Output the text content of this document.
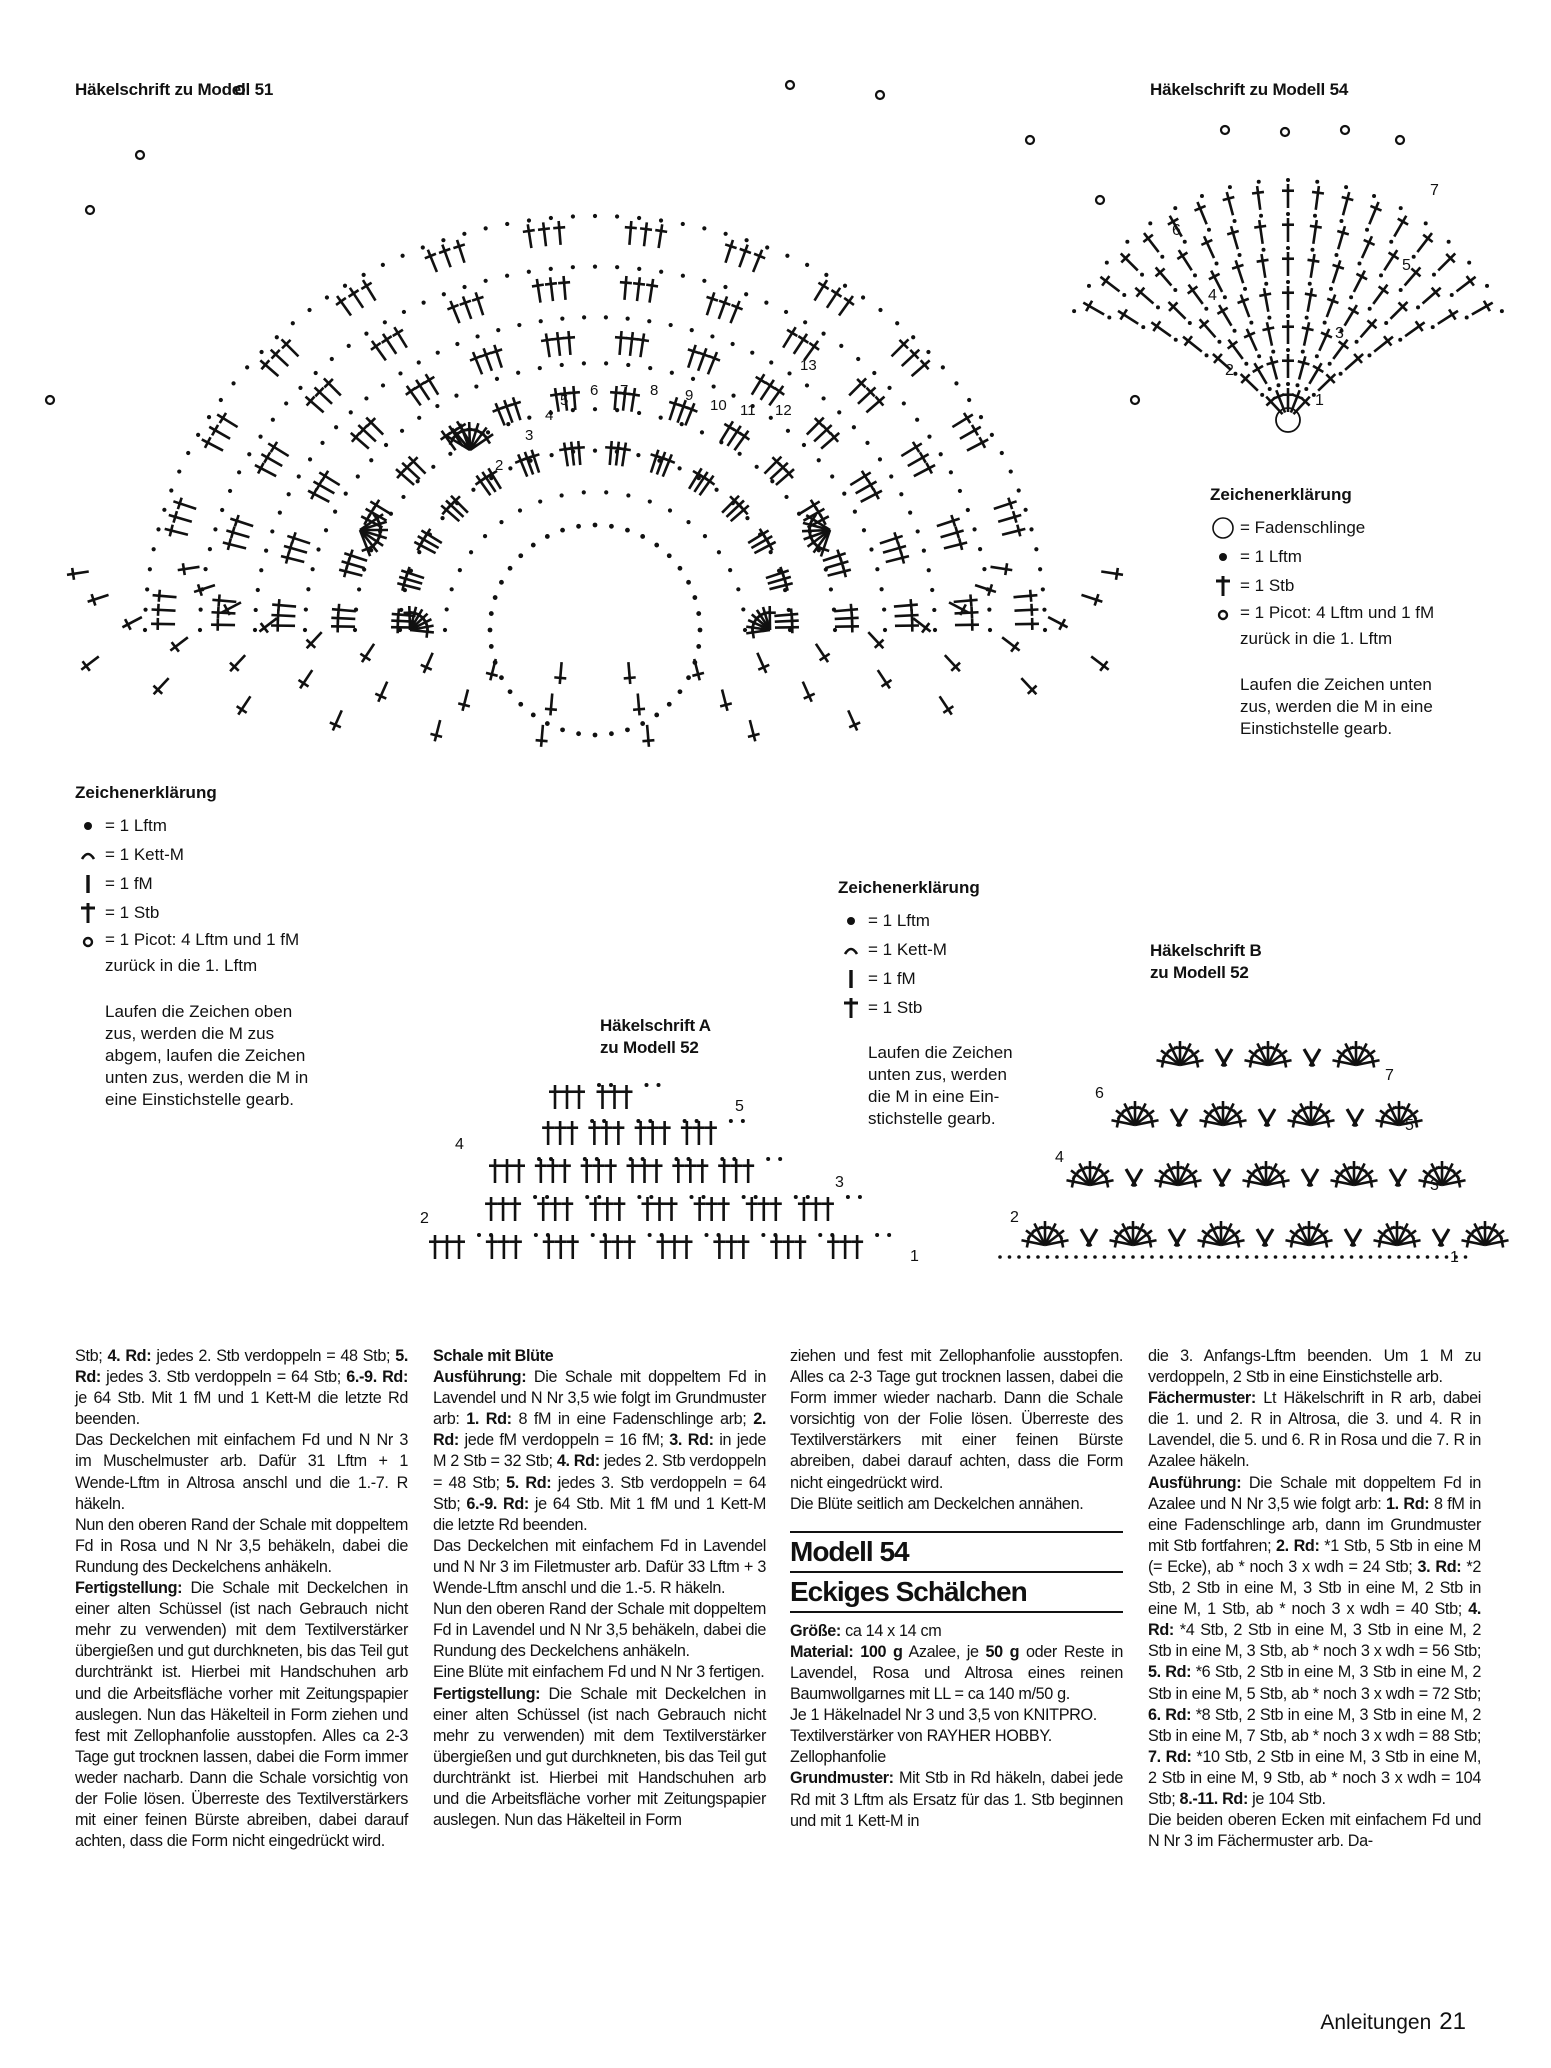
Häkelschrift zu Modell 51	Häkelschrift zu Modell 54
2
3
4
5
6 7 8 9
10 11 12
13
1
2
3
4
5
6
7
Zeichenerklärung
= Fadenschlinge
= 1 Lftm
= 1 Stb
= 1 Picot: 4 Lftm und 1 fM
zurück in die 1. Lftm
Laufen die Zeichen unten
zus, werden die M in eine
Einstichstelle gearb.
Zeichenerklärung
= 1 Lftm
= 1 Kett-M
= 1 fM
= 1 Stb
= 1 Picot: 4 Lftm und 1 fM
zurück in die 1. Lftm
Laufen die Zeichen oben
zus, werden die M zus
abgem, laufen die Zeichen
unten zus, werden die M in
eine Einstichstelle gearb.
Zeichenerklärung
= 1 Lftm
= 1 Kett-M
= 1 fM
= 1 Stb
Laufen die Zeichen
unten zus, werden
die M in eine Ein-
stichstelle gearb.
Häkelschrift A
zu Modell 52
Häkelschrift B
zu Modell 52
1
2
3
4
5
1
2
3
4
5
6
7

Stb; 4. Rd: jedes 2. Stb verdoppeln = 48 Stb; 5. Rd: jedes 3. Stb verdoppeln = 64 Stb; 6.-9. Rd: je 64 Stb. Mit 1 fM und 1 Kett-M die letzte Rd beenden.

Das Deckelchen mit einfachem Fd und N Nr 3 im Muschelmuster arb. Dafür 31 Lftm + 1 Wende-Lftm in Altrosa anschl und die 1.-7. R häkeln.

Nun den oberen Rand der Schale mit doppeltem Fd in Rosa und N Nr 3,5 behäkeln, dabei die Rundung des Deckelchens anhäkeln.

Fertigstellung: Die Schale mit Deckelchen in einer alten Schüssel (ist nach Gebrauch nicht mehr zu verwenden) mit dem Textilverstärker übergießen und gut durchkneten, bis das Teil gut durchtränkt ist. Hierbei mit Handschuhen arb und die Arbeitsfläche vorher mit Zeitungspapier auslegen. Nun das Häkelteil in Form ziehen und fest mit Zellophanfolie ausstopfen. Alles ca 2-3 Tage gut trocknen lassen, dabei die Form immer weder nacharb. Dann die Schale vorsichtig von der Folie lösen. Überreste des Textilverstärkers mit einer feinen Bürste abreiben, dabei darauf achten, dass die Form nicht eingedrückt wird.

Schale mit Blüte

Ausführung: Die Schale mit doppeltem Fd in Lavendel und N Nr 3,5 wie folgt im Grundmuster arb: 1. Rd: 8 fM in eine Fadenschlinge arb; 2. Rd: jede fM verdoppeln = 16 fM; 3. Rd: in jede M 2 Stb = 32 Stb; 4. Rd: jedes 2. Stb verdoppeln = 48 Stb; 5. Rd: jedes 3. Stb verdoppeln = 64 Stb; 6.-9. Rd: je 64 Stb. Mit 1 fM und 1 Kett-M die letzte Rd beenden.

Das Deckelchen mit einfachem Fd in Lavendel und N Nr 3 im Filetmuster arb. Dafür 33 Lftm + 3 Wende-Lftm anschl und die 1.-5. R häkeln.

Nun den oberen Rand der Schale mit doppeltem Fd in Lavendel und N Nr 3,5 behäkeln, dabei die Rundung des Deckelchens anhäkeln.

Eine Blüte mit einfachem Fd und N Nr 3 fertigen.

Fertigstellung: Die Schale mit Deckelchen in einer alten Schüssel (ist nach Gebrauch nicht mehr zu verwenden) mit dem Textilverstärker übergießen und gut durchkneten, bis das Teil gut durchtränkt ist. Hierbei mit Handschuhen arb und die Arbeitsfläche vorher mit Zeitungspapier auslegen. Nun das Häkelteil in Form

ziehen und fest mit Zellophanfolie ausstopfen. Alles ca 2-3 Tage gut trocknen lassen, dabei die Form immer wieder nacharb. Dann die Schale vorsichtig von der Folie lösen. Überreste des Textilverstärkers mit einer feinen Bürste abreiben, dabei darauf achten, dass die Form nicht eingedrückt wird.

Die Blüte seitlich am Deckelchen annähen.

Modell 54
Eckiges Schälchen

Größe: ca 14 x 14 cm

Material: 100 g Azalee, je 50 g oder Reste in Lavendel, Rosa und Altrosa eines reinen Baumwollgarnes mit LL = ca 140 m/50 g.

Je 1 Häkelnadel Nr 3 und 3,5 von KNITPRO.

Textilverstärker von RAYHER HOBBY.

Zellophanfolie

Grundmuster: Mit Stb in Rd häkeln, dabei jede Rd mit 3 Lftm als Ersatz für das 1. Stb beginnen und mit 1 Kett-M in

die 3. Anfangs-Lftm beenden. Um 1 M zu verdoppeln, 2 Stb in eine Einstichstelle arb.

Fächermuster: Lt Häkelschrift in R arb, dabei die 1. und 2. R in Altrosa, die 3. und 4. R in Lavendel, die 5. und 6. R in Rosa und die 7. R in Azalee häkeln.

Ausführung: Die Schale mit doppeltem Fd in Azalee und N Nr 3,5 wie folgt arb: 1. Rd: 8 fM in eine Fadenschlinge arb, dann im Grundmuster mit Stb fortfahren; 2. Rd: *1 Stb, 5 Stb in eine M (= Ecke), ab * noch 3 x wdh = 24 Stb; 3. Rd: *2 Stb, 2 Stb in eine M, 3 Stb in eine M, 2 Stb in eine M, 1 Stb, ab * noch 3 x wdh = 40 Stb; 4. Rd: *4 Stb, 2 Stb in eine M, 3 Stb in eine M, 2 Stb in eine M, 3 Stb, ab * noch 3 x wdh = 56 Stb; 5. Rd: *6 Stb, 2 Stb in eine M, 3 Stb in eine M, 2 Stb in eine M, 5 Stb, ab * noch 3 x wdh = 72 Stb; 6. Rd: *8 Stb, 2 Stb in eine M, 3 Stb in eine M, 2 Stb in eine M, 7 Stb, ab * noch 3 x wdh = 88 Stb; 7. Rd: *10 Stb, 2 Stb in eine M, 3 Stb in eine M, 2 Stb in eine M, 9 Stb, ab * noch 3 x wdh = 104 Stb; 8.-11. Rd: je 104 Stb.

Die beiden oberen Ecken mit einfachem Fd und N Nr 3 im Fächermuster arb. Da-

Anleitungen 21
